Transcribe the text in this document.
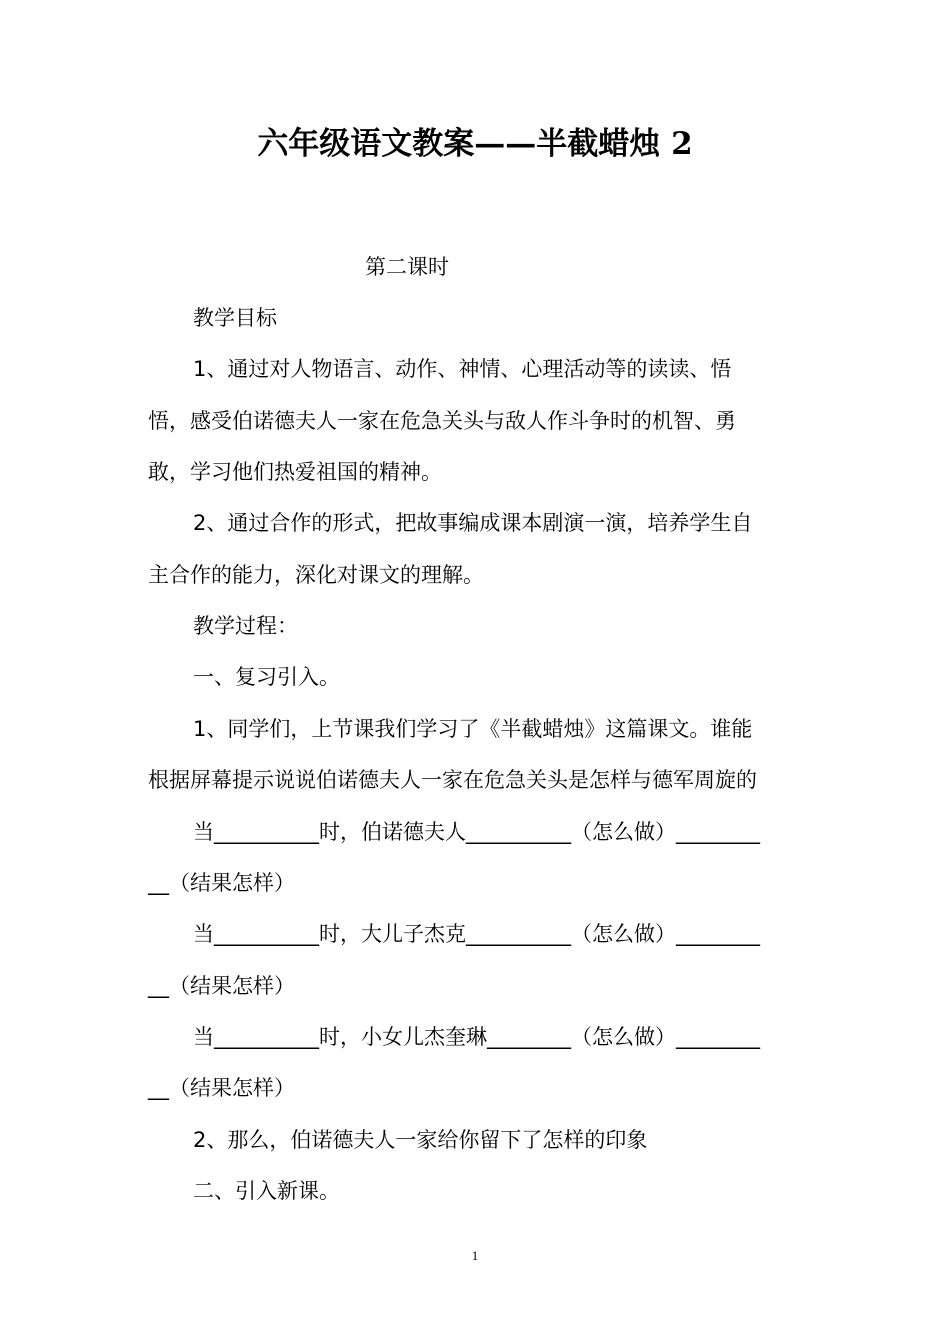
六年级语文教案——半截蜡烛 2
第二课时
教学目标
1、通过对人物语言、动作、神情、心理活动等的读读、悟
悟，感受伯诺德夫人一家在危急关头与敌人作斗争时的机智、勇
敢，学习他们热爱祖国的精神。
2、通过合作的形式，把故事编成课本剧演一演，培养学生自
主合作的能力，深化对课文的理解。
教学过程：
一、复习引入。
1、同学们，上节课我们学习了《半截蜡烛》这篇课文。谁能
根据屏幕提示说说伯诺德夫人一家在危急关头是怎样与德军周旋的
当__________时，伯诺德夫人__________（怎么做）________
__（结果怎样）
当__________时，大儿子杰克__________（怎么做）________
__（结果怎样）
当__________时，小女儿杰奎琳________（怎么做）________
__（结果怎样）
2、那么，伯诺德夫人一家给你留下了怎样的印象
二、引入新课。
1
